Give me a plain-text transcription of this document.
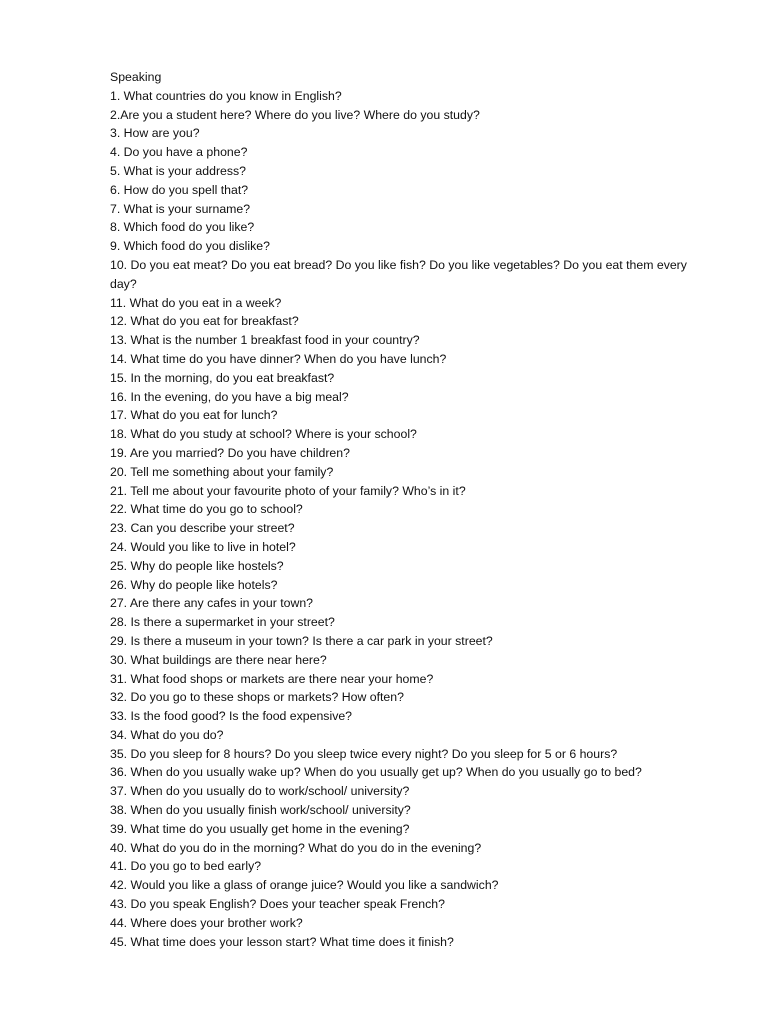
Speaking
1. What countries do you know in English?
2.Are you a student here? Where do you live? Where do you study?
3. How are you?
4. Do you have a phone?
5. What is your address?
6. How do you spell that?
7. What is your surname?
8. Which food do you like?
9. Which food do you dislike?
10. Do you eat meat? Do you eat bread? Do you like fish? Do you like vegetables? Do you eat them every day?
11. What do you eat in a week?
12. What do you eat for breakfast?
13. What is the number 1 breakfast food in your country?
14. What time do you have dinner? When do you have lunch?
15. In the morning, do you eat breakfast?
16. In the evening, do you have a big meal?
17. What do you eat for lunch?
18. What do you study at school? Where is your school?
19. Are you married? Do you have children?
20. Tell me something about your family?
21. Tell me about your favourite photo of your family? Who’s in it?
22. What time do you go to school?
23. Can you describe your street?
24. Would you like to live in hotel?
25. Why do people like hostels?
26. Why do people like hotels?
27. Are there any cafes in your town?
28. Is there a supermarket in your street?
29. Is there a museum in your town? Is there a car park in your street?
30. What buildings are there near here?
31. What food shops or markets are there near your home?
32. Do you go to these shops or markets? How often?
33. Is the food good? Is the food expensive?
34. What do you do?
35. Do you sleep for 8 hours? Do you sleep twice every night? Do you sleep for 5 or 6 hours?
36. When do you usually wake up? When do you usually get up? When do you usually go to bed?
37. When do you usually do to work/school/ university?
38. When do you usually finish work/school/ university?
39. What time do you usually get home in the evening?
40. What do you do in the morning? What do you do in the evening?
41. Do you go to bed early?
42. Would you like a glass of orange juice? Would you like a sandwich?
43. Do you speak English? Does your teacher speak French?
44. Where does your brother work?
45. What time does your lesson start? What time does it finish?
